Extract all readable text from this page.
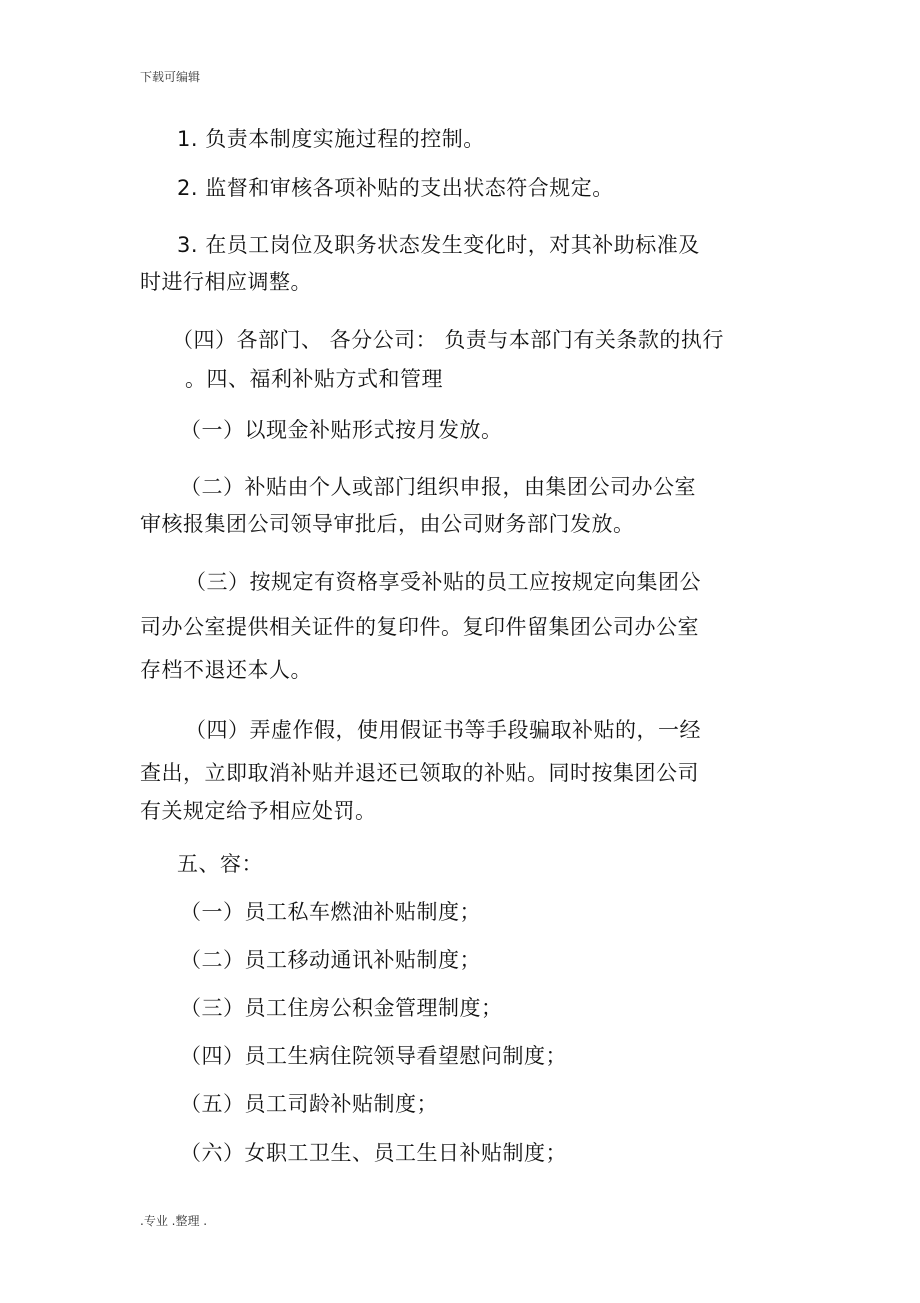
下载可编辑
1. 负责本制度实施过程的控制。
2. 监督和审核各项补贴的支出状态符合规定。
3. 在员工岗位及职务状态发生变化时，对其补助标准及
时进行相应调整。
（四）各部门、 各分公司： 负责与本部门有关条款的执行
。四、福利补贴方式和管理
（一）以现金补贴形式按月发放。
（二）补贴由个人或部门组织申报，由集团公司办公室
审核报集团公司领导审批后，由公司财务部门发放。
（三）按规定有资格享受补贴的员工应按规定向集团公
司办公室提供相关证件的复印件。复印件留集团公司办公室
存档不退还本人。
（四）弄虚作假，使用假证书等手段骗取补贴的，一经
查出，立即取消补贴并退还已领取的补贴。同时按集团公司
有关规定给予相应处罚。
五、容：
（一）员工私车燃油补贴制度；
（二）员工移动通讯补贴制度；
（三）员工住房公积金管理制度；
（四）员工生病住院领导看望慰问制度；
（五）员工司龄补贴制度；
（六）女职工卫生、员工生日补贴制度；
.专业 .整理 .
